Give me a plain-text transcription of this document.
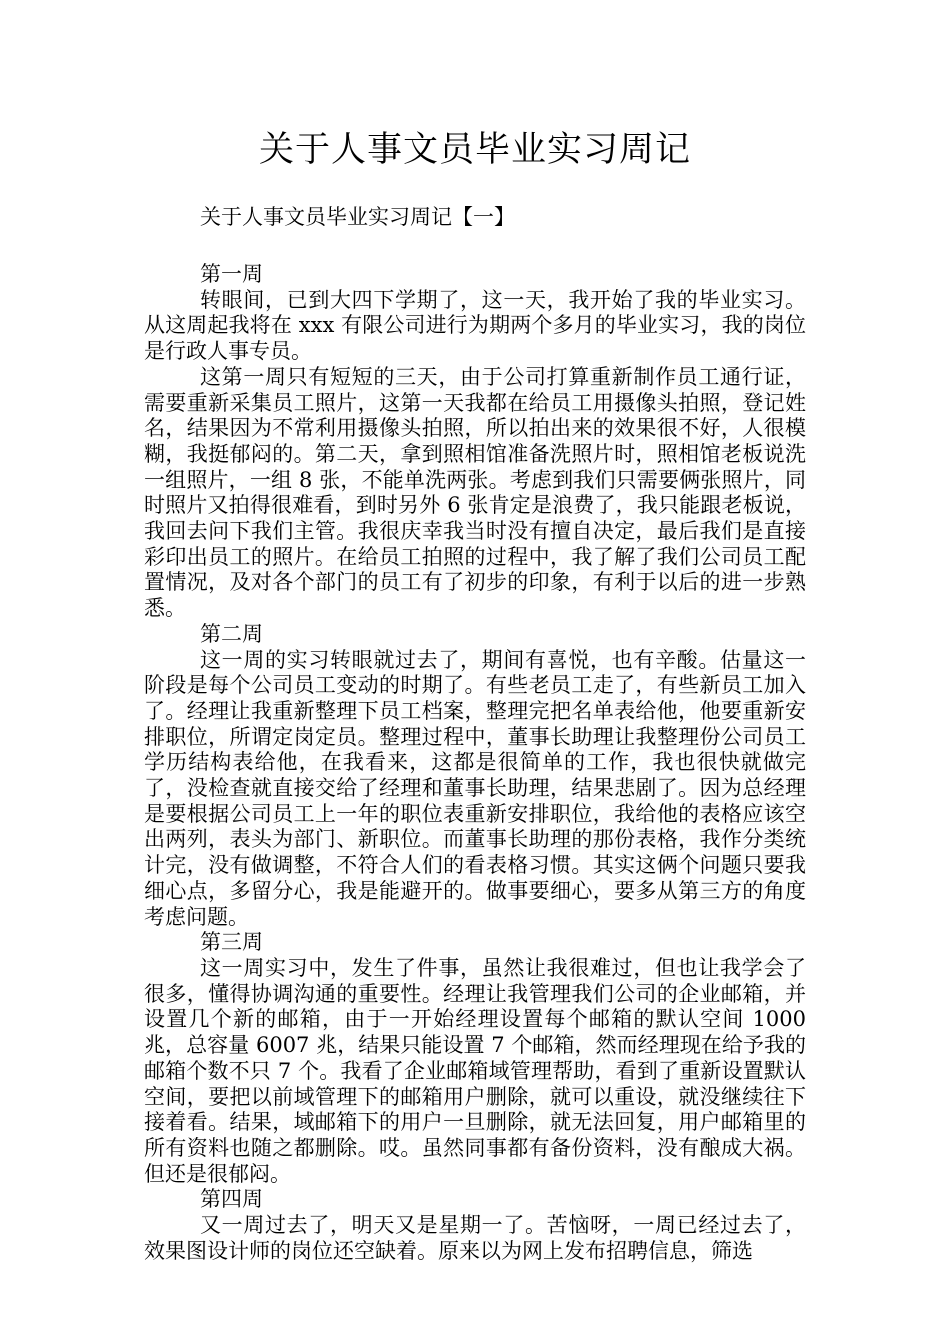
关于人事文员毕业实习周记

关于人事文员毕业实习周记【一】

第一周

转眼间，已到大四下学期了，这一天，我开始了我的毕业实习。从这周起我将在 xxx 有限公司进行为期两个多月的毕业实习，我的岗位是行政人事专员。

这第一周只有短短的三天，由于公司打算重新制作员工通行证，需要重新采集员工照片，这第一天我都在给员工用摄像头拍照，登记姓名，结果因为不常利用摄像头拍照，所以拍出来的效果很不好，人很模糊，我挺郁闷的。第二天，拿到照相馆准备洗照片时，照相馆老板说洗一组照片，一组 8 张，不能单洗两张。考虑到我们只需要俩张照片，同时照片又拍得很难看，到时另外 6 张肯定是浪费了，我只能跟老板说，我回去问下我们主管。我很庆幸我当时没有擅自决定，最后我们是直接彩印出员工的照片。在给员工拍照的过程中，我了解了我们公司员工配置情况，及对各个部门的员工有了初步的印象，有利于以后的进一步熟悉。

第二周

这一周的实习转眼就过去了，期间有喜悦，也有辛酸。估量这一阶段是每个公司员工变动的时期了。有些老员工走了，有些新员工加入了。经理让我重新整理下员工档案，整理完把名单表给他，他要重新安排职位，所谓定岗定员。整理过程中，董事长助理让我整理份公司员工学历结构表给他，在我看来，这都是很简单的工作，我也很快就做完了，没检查就直接交给了经理和董事长助理，结果悲剧了。因为总经理是要根据公司员工上一年的职位表重新安排职位，我给他的表格应该空出两列，表头为部门、新职位。而董事长助理的那份表格，我作分类统计完，没有做调整，不符合人们的看表格习惯。其实这俩个问题只要我细心点，多留分心，我是能避开的。做事要细心，要多从第三方的角度考虑问题。

第三周

这一周实习中，发生了件事，虽然让我很难过，但也让我学会了很多，懂得协调沟通的重要性。经理让我管理我们公司的企业邮箱，并设置几个新的邮箱，由于一开始经理设置每个邮箱的默认空间 1000 兆，总容量 6007 兆，结果只能设置 7 个邮箱，然而经理现在给予我的邮箱个数不只 7 个。我看了企业邮箱域管理帮助，看到了重新设置默认空间，要把以前域管理下的邮箱用户删除，就可以重设，就没继续往下接着看。结果，域邮箱下的用户一旦删除，就无法回复，用户邮箱里的所有资料也随之都删除。哎。虽然同事都有备份资料，没有酿成大祸。但还是很郁闷。

第四周

又一周过去了，明天又是星期一了。苦恼呀，一周已经过去了，效果图设计师的岗位还空缺着。原来以为网上发布招聘信息，筛选
